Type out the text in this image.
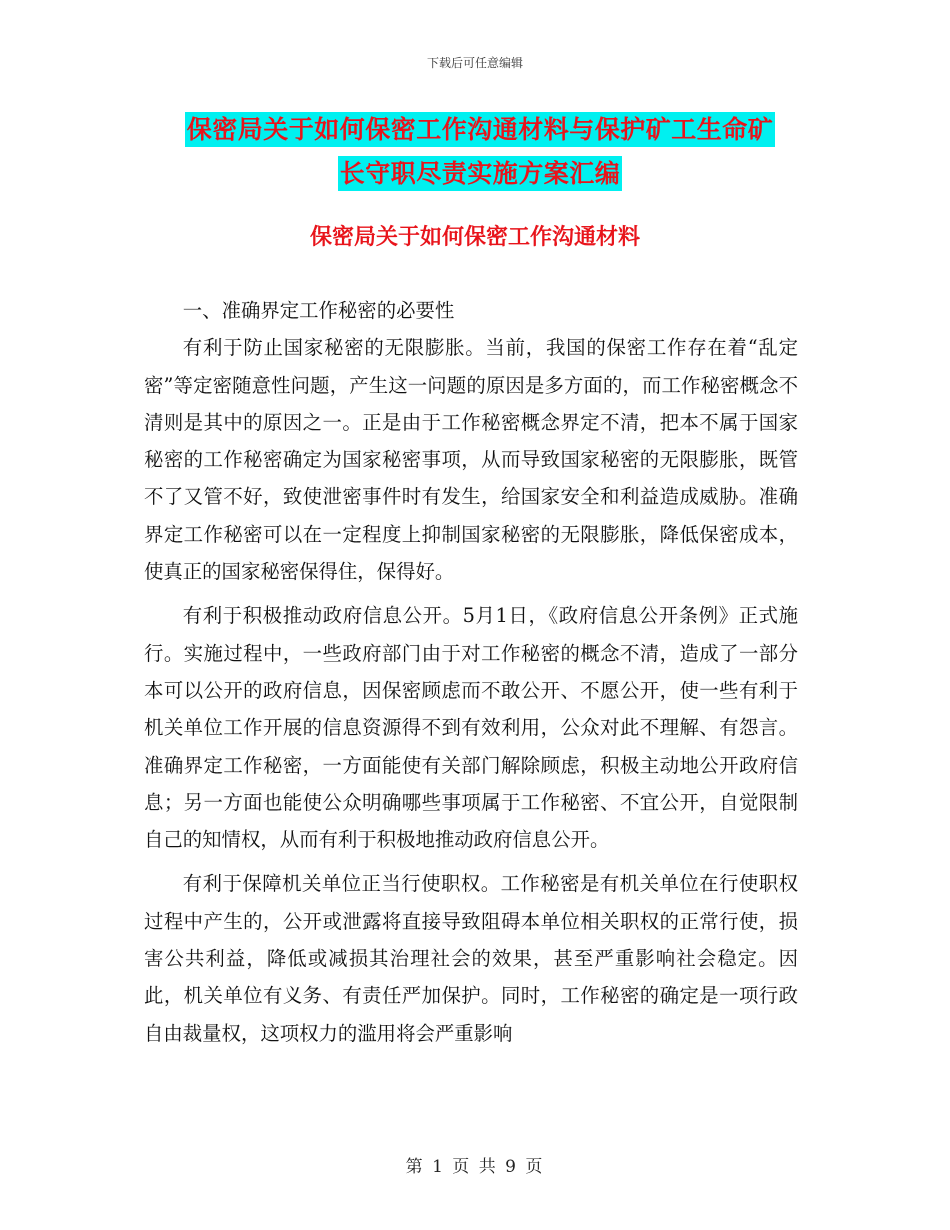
下载后可任意编辑
保密局关于如何保密工作沟通材料与保护矿工生命矿
长守职尽责实施方案汇编
保密局关于如何保密工作沟通材料

一、准确界定工作秘密的必要性

有利于防止国家秘密的无限膨胀。当前，我国的保密工作存在着“乱定密”等定密随意性问题，产生这一问题的原因是多方面的，而工作秘密概念不清则是其中的原因之一。正是由于工作秘密概念界定不清，把本不属于国家秘密的工作秘密确定为国家秘密事项，从而导致国家秘密的无限膨胀，既管不了又管不好，致使泄密事件时有发生，给国家安全和利益造成威胁。准确界定工作秘密可以在一定程度上抑制国家秘密的无限膨胀，降低保密成本，使真正的国家秘密保得住，保得好。

有利于积极推动政府信息公开。5月1日，《政府信息公开条例》正式施行。实施过程中，一些政府部门由于对工作秘密的概念不清，造成了一部分本可以公开的政府信息，因保密顾虑而不敢公开、不愿公开，使一些有利于机关单位工作开展的信息资源得不到有效利用，公众对此不理解、有怨言。准确界定工作秘密，一方面能使有关部门解除顾虑，积极主动地公开政府信息；另一方面也能使公众明确哪些事项属于工作秘密、不宜公开，自觉限制自己的知情权，从而有利于积极地推动政府信息公开。

有利于保障机关单位正当行使职权。工作秘密是有机关单位在行使职权过程中产生的，公开或泄露将直接导致阻碍本单位相关职权的正常行使，损害公共利益，降低或减损其治理社会的效果，甚至严重影响社会稳定。因此，机关单位有义务、有责任严加保护。同时，工作秘密的确定是一项行政自由裁量权，这项权力的滥用将会严重影响

第 1 页 共 9 页
